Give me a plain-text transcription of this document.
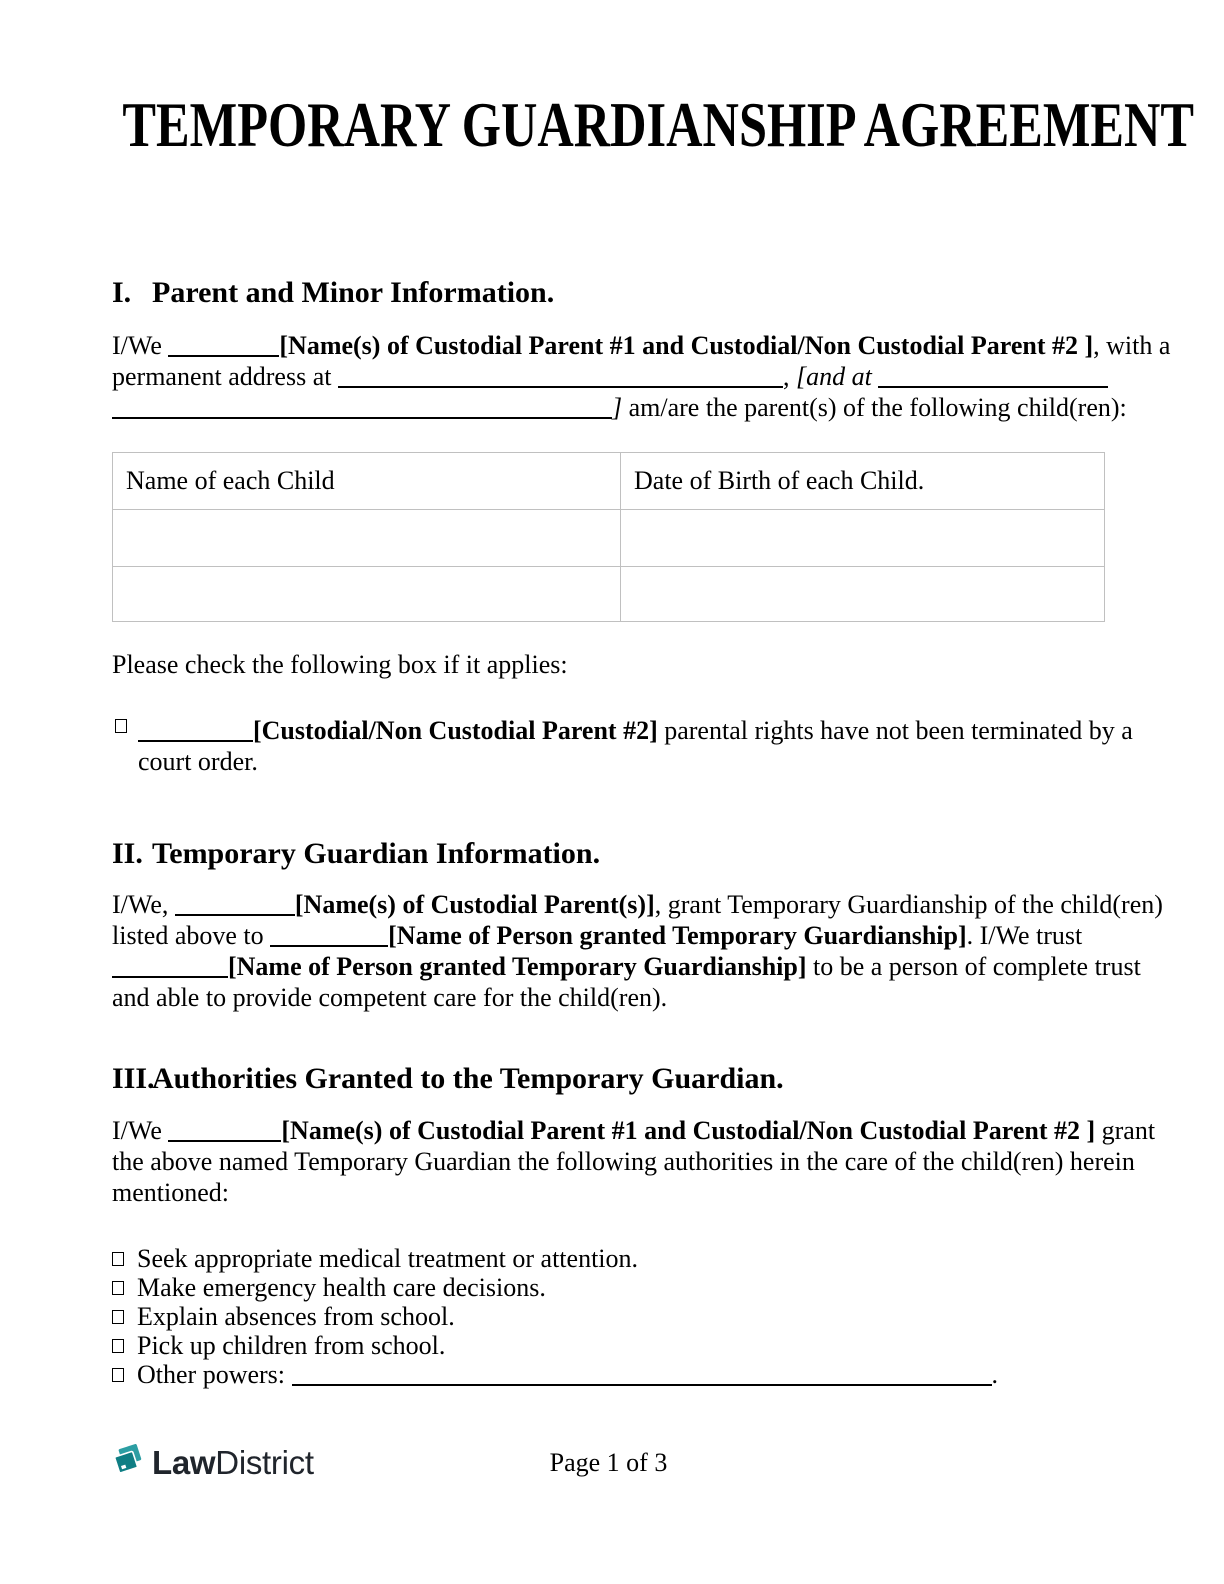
TEMPORARY GUARDIANSHIP AGREEMENT
I. Parent and Minor Information.
I/We	[Name(s) of Custodial Parent #1 and Custodial/Non Custodial Parent #2 ], with a
permanent address at	, [and at
] am/are the parent(s) of the following child(ren):
Name of each Child	Date of Birth of each Child.

Please check the following box if it applies:
[Custodial/Non Custodial Parent #2] parental rights have not been terminated by a
court order.
II. Temporary Guardian Information.
I/We,	[Name(s) of Custodial Parent(s)], grant Temporary Guardianship of the child(ren)
listed above to	[Name of Person granted Temporary Guardianship]. I/We trust
[Name of Person granted Temporary Guardianship] to be a person of complete trust
and able to provide competent care for the child(ren).
III.
Authorities Granted to the Temporary Guardian.
I/We	[Name(s) of Custodial Parent #1 and Custodial/Non Custodial Parent #2 ] grant
the above named Temporary Guardian the following authorities in the care of the child(ren) herein
mentioned:
Seek appropriate medical treatment or attention.
Make emergency health care decisions.
Explain absences from school.
Pick up children from school.
Other powers:	.
LawDistrict	Page 1 of 3
